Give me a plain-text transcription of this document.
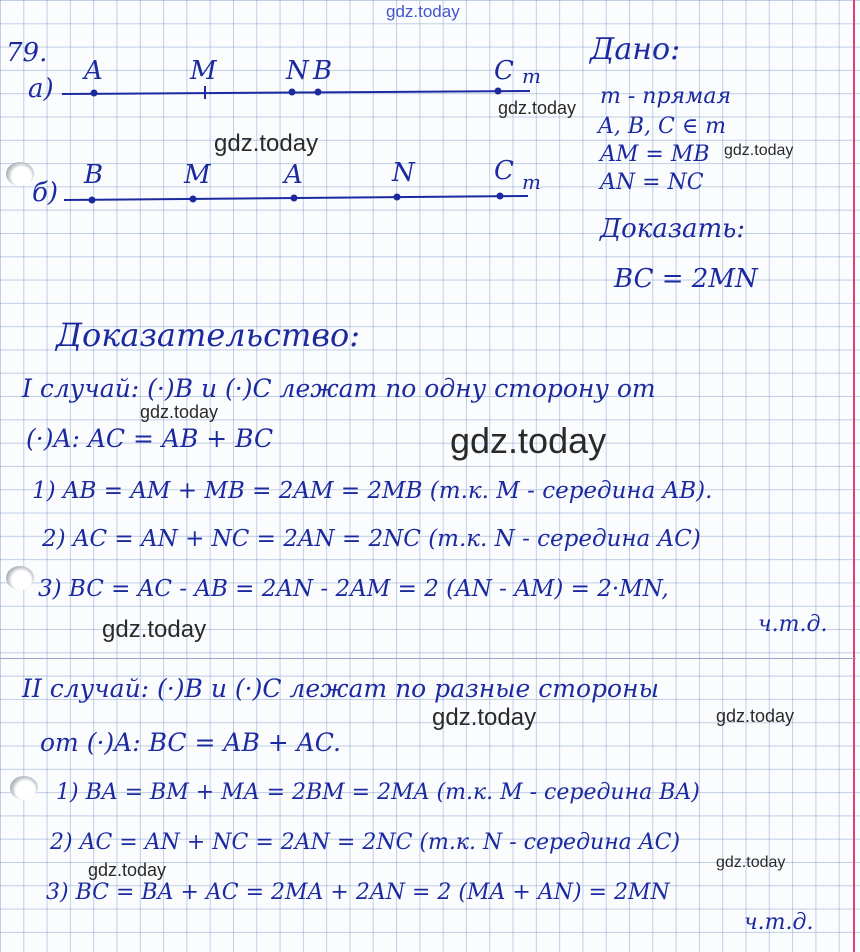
gdz.today
79.
а)
A	M	N B	C m
б)
B	M	A	N	C m
Дано:
m - прямая
A, B, C ∈ m
AM = MB
AN = NC
Доказать:
BC = 2MN
Доказательство:
I случай: (·)B и (·)C лежат по одну сторону от
(·)A: AC = AB + BC
1) AB = AM + MB = 2AM = 2MB (т.к. M - середина AB).
2) AC = AN + NC = 2AN = 2NC (т.к. N - середина AC)
3) BC = AC - AB = 2AN - 2AM = 2 (AN - AM) = 2·MN,
ч.т.д.
II случай: (·)B и (·)C лежат по разные стороны
от (·)A: BC = AB + AC.
1) BA = BM + MA = 2BM = 2MA (т.к. M - середина BA)
2) AC = AN + NC = 2AN = 2NC (т.к. N - середина AC)
3) BC = BA + AC = 2MA + 2AN = 2 (MA + AN) = 2MN
ч.т.д.
gdz.today
gdz.today	gdz.today
gdz.today
gdz.today
gdz.today
gdz.today	gdz.today
gdz.today
gdz.today
